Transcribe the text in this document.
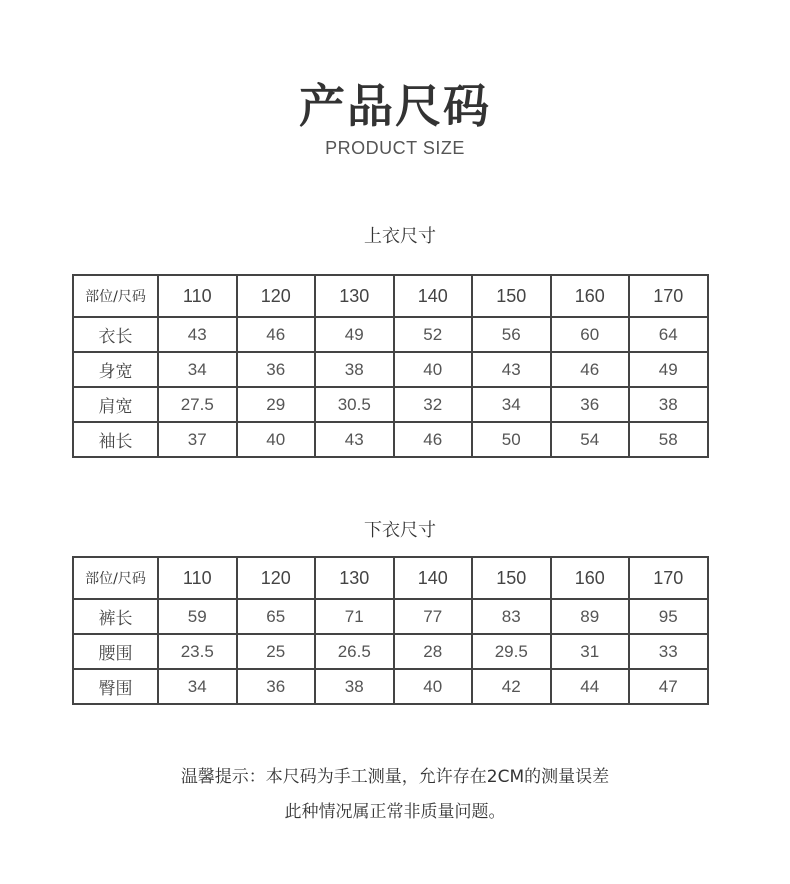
产品尺码
PRODUCT SIZE
上衣尺寸
部位/尺码	110	120	130	140	150	160	170
衣长	43	46	49	52	56	60	64
身宽	34	36	38	40	43	46	49
肩宽	27.5	29	30.5	32	34	36	38
袖长	37	40	43	46	50	54	58
下衣尺寸
部位/尺码	110	120	130	140	150	160	170
裤长	59	65	71	77	83	89	95
腰围	23.5	25	26.5	28	29.5	31	33
臀围	34	36	38	40	42	44	47
温馨提示：本尺码为手工测量，允许存在2CM的测量误差
此种情况属正常非质量问题。
